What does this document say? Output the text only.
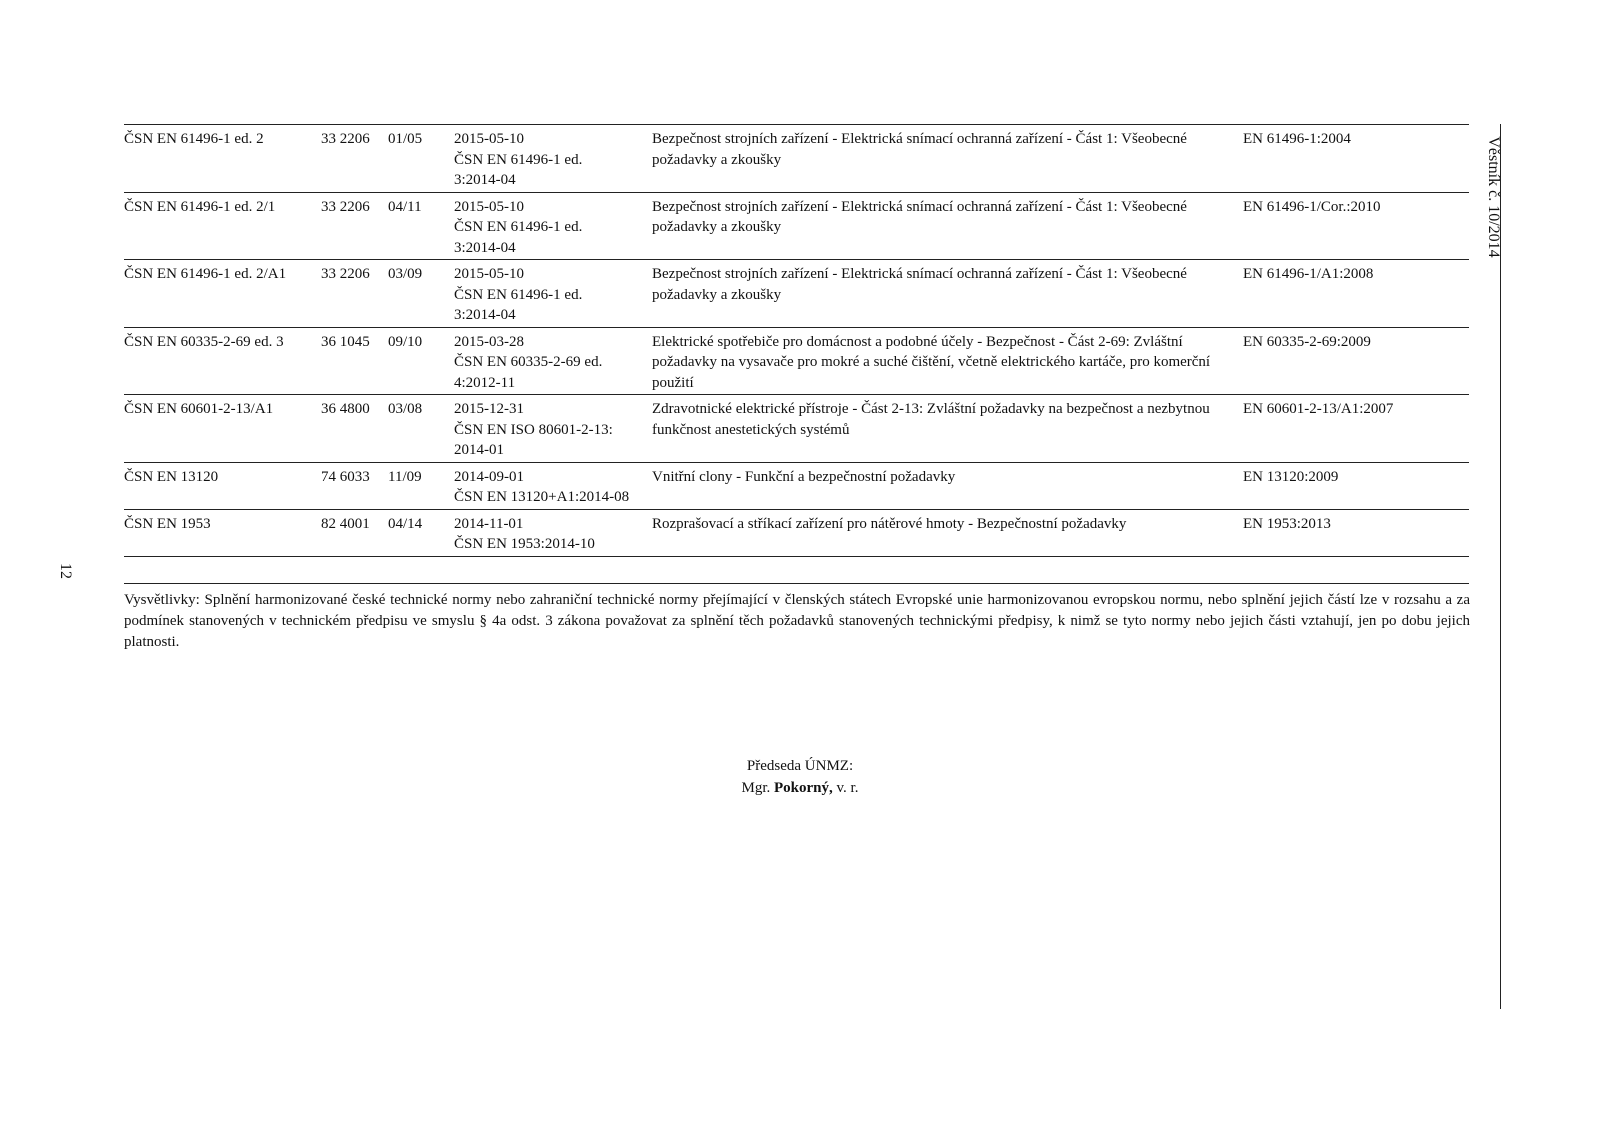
12
Věstník č. 10/2014
ČSN EN 61496-1 ed. 2	33 2206	01/05	2015-05-10
ČSN EN 61496-1 ed.
3:2014-04	Bezpečnost strojních zařízení - Elektrická snímací ochranná zařízení - Část 1: Všeobecné požadavky a zkoušky	EN 61496-1:2004
ČSN EN 61496-1 ed. 2/1	33 2206	04/11	2015-05-10
ČSN EN 61496-1 ed.
3:2014-04	Bezpečnost strojních zařízení - Elektrická snímací ochranná zařízení - Část 1: Všeobecné požadavky a zkoušky	EN 61496-1/Cor.:2010
ČSN EN 61496-1 ed. 2/A1	33 2206	03/09	2015-05-10
ČSN EN 61496-1 ed.
3:2014-04	Bezpečnost strojních zařízení - Elektrická snímací ochranná zařízení - Část 1: Všeobecné požadavky a zkoušky	EN 61496-1/A1:2008
ČSN EN 60335-2-69 ed. 3	36 1045	09/10	2015-03-28
ČSN EN 60335-2-69 ed.
4:2012-11	Elektrické spotřebiče pro domácnost a podobné účely - Bezpečnost - Část 2-69: Zvláštní požadavky na vysavače pro mokré a suché čištění, včetně elektrického kartáče, pro komerční použití	EN 60335-2-69:2009
ČSN EN 60601-2-13/A1	36 4800	03/08	2015-12-31
ČSN EN ISO 80601-2-13:
2014-01	Zdravotnické elektrické přístroje - Část 2-13: Zvláštní požadavky na bezpečnost a nezbytnou funkčnost anestetických systémů	EN 60601-2-13/A1:2007
ČSN EN 13120	74 6033	11/09	2014-09-01
ČSN EN 13120+A1:2014-08	Vnitřní clony - Funkční a bezpečnostní požadavky	EN 13120:2009
ČSN EN 1953	82 4001	04/14	2014-11-01
ČSN EN 1953:2014-10	Rozprašovací a stříkací zařízení pro nátěrové hmoty - Bezpečnostní požadavky	EN 1953:2013
Vysvětlivky: Splnění harmonizované české technické normy nebo zahraniční technické normy přejímající v členských státech Evropské unie harmonizovanou evropskou normu, nebo splnění jejich částí lze v rozsahu a za podmínek stanovených v technickém předpisu ve smyslu § 4a odst. 3 zákona považovat za splnění těch požadavků stanovených technickými předpisy, k nimž se tyto normy nebo jejich části vztahují, jen po dobu jejich platnosti.
Předseda ÚNMZ:
Mgr. Pokorný, v. r.
